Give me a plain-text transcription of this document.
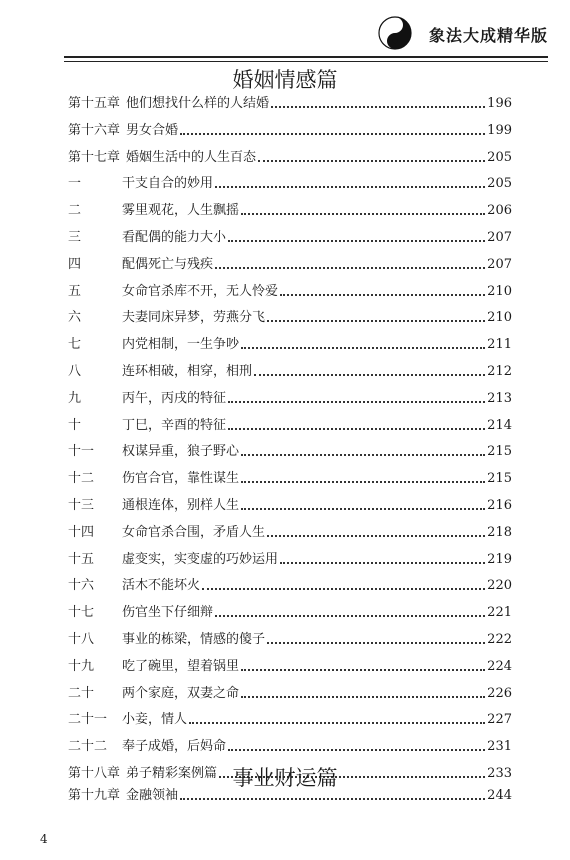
象法大成精华版
婚姻情感篇
第十五章 他们想找什么样的人结婚	196
第十六章 男女合婚	199
第十七章 婚姻生活中的人生百态	205
一	干支自合的妙用	205
二	雾里观花，人生飘摇	206
三	看配偶的能力大小	207
四	配偶死亡与残疾	207
五	女命官杀库不开，无人怜爱	210
六	夫妻同床异梦，劳燕分飞	210
七	内党相制，一生争吵	211
八	连环相破，相穿，相刑	212
九	丙午，丙戌的特征	213
十	丁巳，辛酉的特征	214
十一	权谋异重，狼子野心	215
十二	伤官合官，靠性谋生	215
十三	通根连体，别样人生	216
十四	女命官杀合围，矛盾人生	218
十五	虚变实，实变虚的巧妙运用	219
十六	活木不能坏火	220
十七	伤官坐下仔细辩	221
十八	事业的栋梁，情感的傻子	222
十九	吃了碗里，望着锅里	224
二十	两个家庭，双妻之命	226
二十一	小妾，情人	227
二十二	奉子成婚，后妈命	231
第十八章 弟子精彩案例篇	233
第十九章 金融领袖	244
事业财运篇
4
